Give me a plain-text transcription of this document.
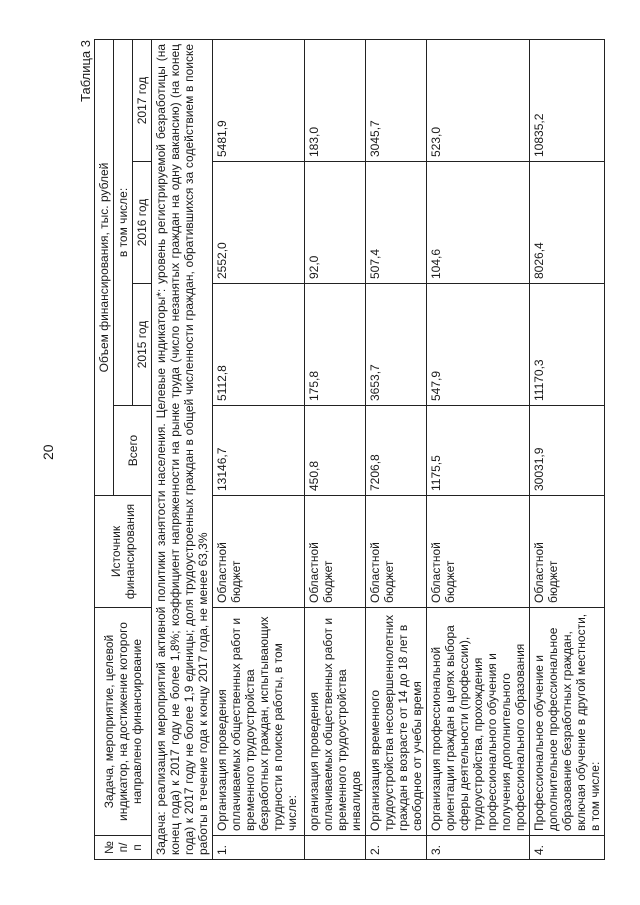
20
Таблица 3
№ п/п	Задача, мероприятие, целевой индикатор, на достижение которого направлено финансирование	Источник финансирования	Объем финансирования, тыс. рублей			
			Всего	в том числе:		
				2015 год	2016 год	2017 год
Задача: реализация мероприятий активной политики занятости населения. Целевые индикаторы*: уровень регистрируемой безработицы (на конец года) к 2017 году не более 1,8%; коэффициент напряженности на рынке труда (число незанятых граждан на одну вакансию) (на конец года) к 2017 году не более 1,9 единицы; доля трудоустроенных граждан в общей численности граждан, обратившихся за содействием в поиске работы в течение года к концу 2017 года, не менее 63,3%						
1.	Организация проведения оплачиваемых общественных работ и временного трудоустройства безработных граждан, испытывающих трудности в поиске работы, в том числе:	Областной бюджет	13146,7	5112,8	2552,0	5481,9
	организация проведения оплачиваемых общественных работ и временного трудоустройства инвалидов	Областной бюджет	450,8	175,8	92,0	183,0
2.	Организация временного трудоустройства несовершеннолетних граждан в возрасте от 14 до 18 лет в свободное от учебы время	Областной бюджет	7206,8	3653,7	507,4	3045,7
3.	Организация профессиональной ориентации граждан в целях выбора сферы деятельности (профессии), трудоустройства, прохождения профессионального обучения и получения дополнительного профессионального образования	Областной бюджет	1175,5	547,9	104,6	523,0
4.	Профессиональное обучение и дополнительное профессиональное образование безработных граждан, включая обучение в другой местности, в том числе:	Областной бюджет	30031,9	11170,3	8026,4	10835,2
